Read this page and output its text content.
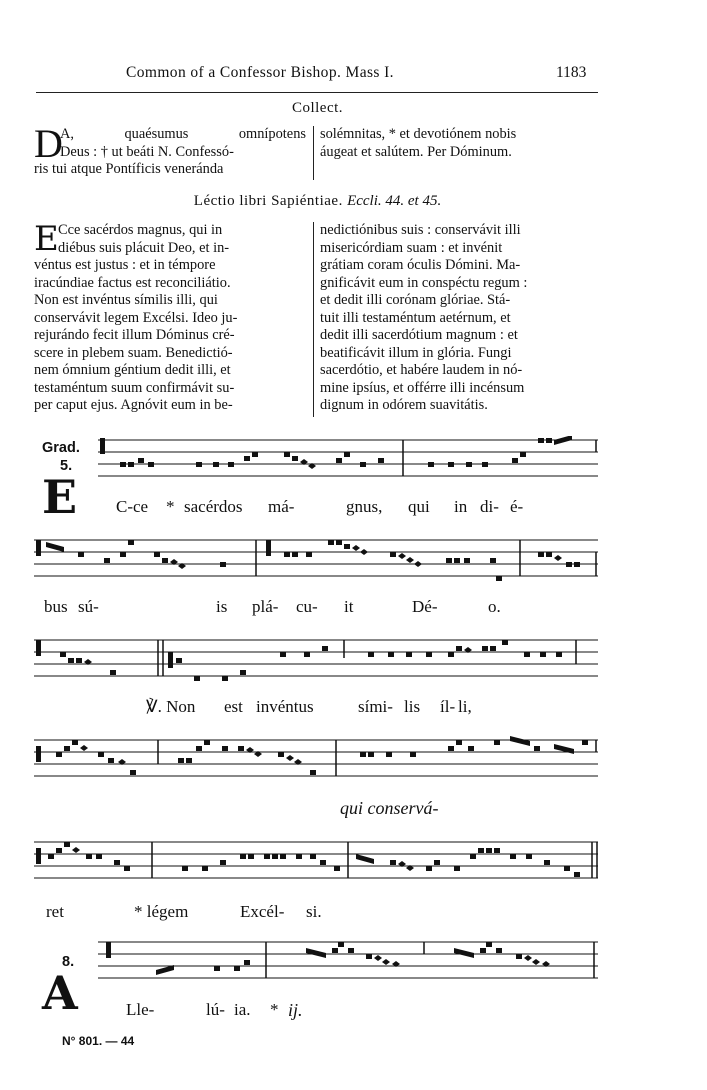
Common of a Confessor Bishop. Mass I.	1183
Collect.
D
A, quaésumus omnípotens
Deus : † ut beáti N. Confessó-
ris tui atque Pontíficis veneránda
solémnitas, * et devotiónem nobis
áugeat et salútem. Per Dóminum.
Léctio libri Sapiéntiae. Eccli. 44. et 45.
E Cce sacérdos magnus, qui in
diébus suis plácuit Deo, et in-
véntus est justus : et in témpore
iracúndiae factus est reconciliátio.
Non est invéntus símilis illi, qui
conservávit legem Excélsi. Ideo ju-
rejurándo fecit illum Dóminus cré-
scere in plebem suam. Benedictió-
nem ómnium géntium dedit illi, et
testaméntum suum confirmávit su-
per caput ejus. Agnóvit eum in be-
nedictiónibus suis : conservávit illi
misericórdiam suam : et invénit
grátiam coram óculis Dómini. Ma-
gnificávit eum in conspéctu regum :
et dedit illi corónam glóriae. Stá-
tuit illi testaméntum aetérnum, et
dedit illi sacerdótium magnum : et
beatificávit illum in glória. Fungi
sacerdótio, et habére laudem in nó-
mine ipsíus, et offérre illi incénsum
dignum in odórem suavitátis.
Grad.
5.
E C-ce * sacérdos má-	gnus, qui in di- é-
bus sú-	is plá- cu- it	Dé-	o.
℣. Non est invéntus	sími- lis íl- li,
qui conservá-
ret	* légem	Excél- si.
8.
A	Lle-	lú- ia. * ij.
N° 801. — 44
